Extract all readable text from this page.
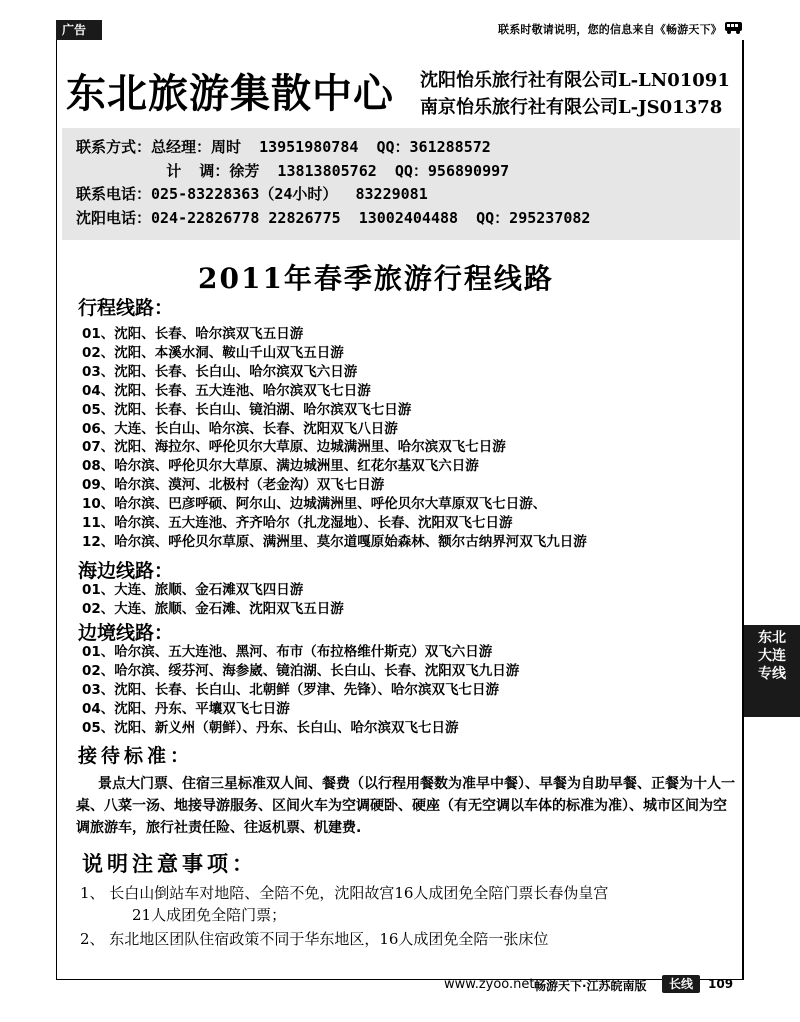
广告	联系时敬请说明，您的信息来自《畅游天下》
东北旅游集散中心 沈阳怡乐旅行社有限公司L-LN01091
南京怡乐旅行社有限公司L-JS01378
联系方式：总经理：周时  13951980784  QQ：361288572
计  调：徐芳  13813805762  QQ：956890997
联系电话：025-83228363（24小时）  83229081
沈阳电话：024-22826778 22826775  13002404488  QQ：295237082
2011年春季旅游行程线路
行程线路：
01、沈阳、长春、哈尔滨双飞五日游
02、沈阳、本溪水洞、鞍山千山双飞五日游
03、沈阳、长春、长白山、哈尔滨双飞六日游
04、沈阳、长春、五大连池、哈尔滨双飞七日游
05、沈阳、长春、长白山、镜泊湖、哈尔滨双飞七日游
06、大连、长白山、哈尔滨、长春、沈阳双飞八日游
07、沈阳、海拉尔、呼伦贝尔大草原、边城满洲里、哈尔滨双飞七日游
08、哈尔滨、呼伦贝尔大草原、满边城洲里、红花尔基双飞六日游
09、哈尔滨、漠河、北极村（老金沟）双飞七日游
10、哈尔滨、巴彦呼硕、阿尔山、边城满洲里、呼伦贝尔大草原双飞七日游、
11、哈尔滨、五大连池、齐齐哈尔（扎龙湿地）、长春、沈阳双飞七日游
12、哈尔滨、呼伦贝尔草原、满洲里、莫尔道嘎原始森林、额尔古纳界河双飞九日游
海边线路：
01、大连、旅顺、金石滩双飞四日游
02、大连、旅顺、金石滩、沈阳双飞五日游
边境线路：
01、哈尔滨、五大连池、黑河、布市（布拉格维什斯克）双飞六日游
02、哈尔滨、绥芬河、海参崴、镜泊湖、长白山、长春、沈阳双飞九日游
03、沈阳、长春、长白山、北朝鲜（罗津、先锋）、哈尔滨双飞七日游
04、沈阳、丹东、平壤双飞七日游
05、沈阳、新义州（朝鲜）、丹东、长白山、哈尔滨双飞七日游
接待标准：
景点大门票、住宿三星标准双人间、餐费（以行程用餐数为准早中餐）、早餐为自助早餐、正餐为十人一桌、八菜一汤、地接导游服务、区间火车为空调硬卧、硬座（有无空调以车体的标准为准）、城市区间为空调旅游车，旅行社责任险、往返机票、机建费.
说明注意事项：
1、 长白山倒站车对地陪、全陪不免，沈阳故宫16人成团免全陪门票长春伪皇宫
21人成团免全陪门票；
2、 东北地区团队住宿政策不同于华东地区，16人成团免全陪一张床位
东北大连专线
www.zyoo.net 畅游天下·江苏皖南版	长线	109
